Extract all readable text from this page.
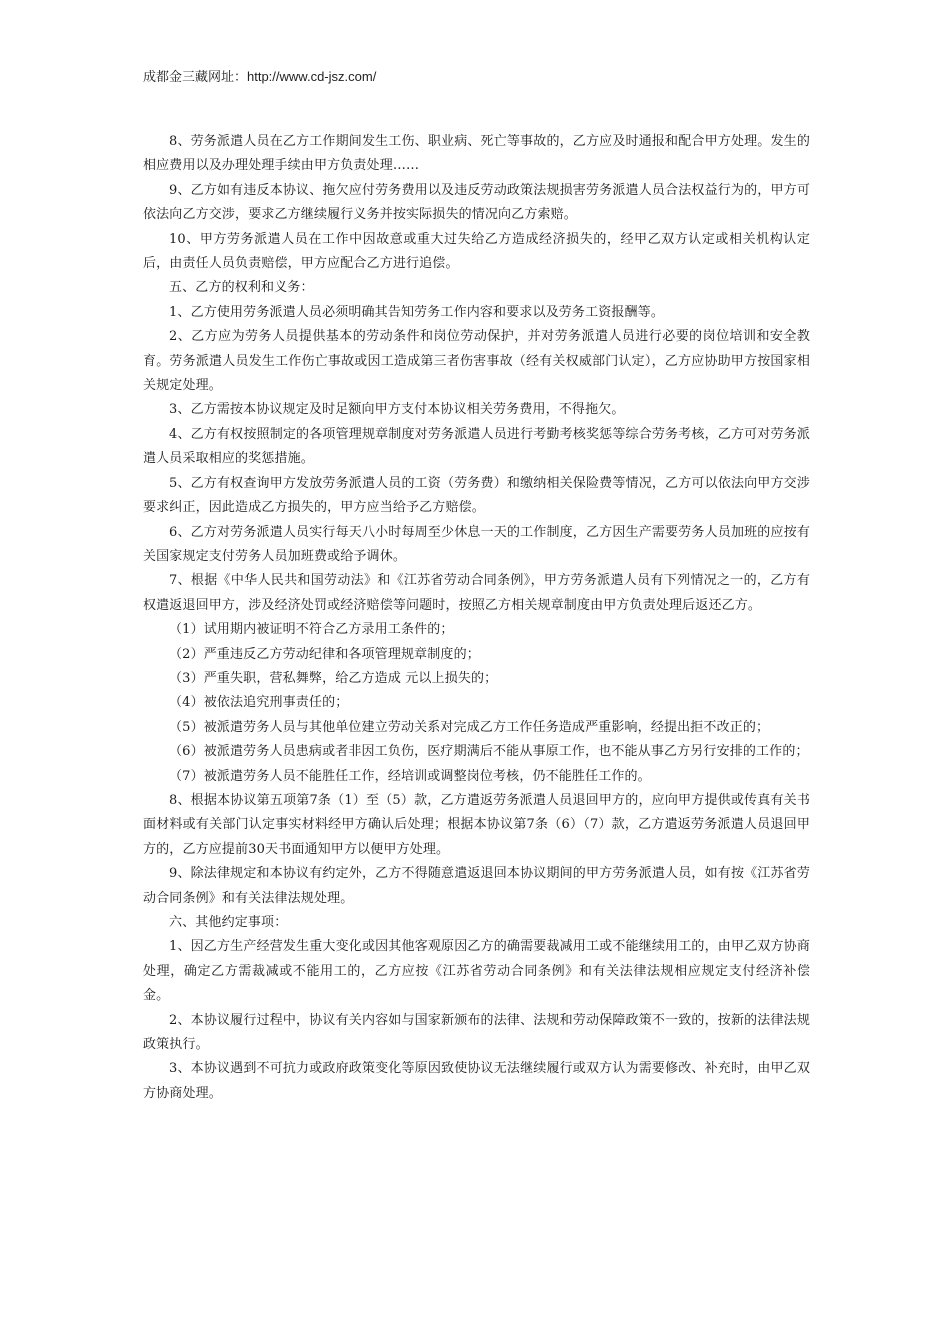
成都金三藏网址：http://www.cd-jsz.com/

8、劳务派遣人员在乙方工作期间发生工伤、职业病、死亡等事故的，乙方应及时通报和配合甲方处理。发生的相应费用以及办理处理手续由甲方负责处理……

9、乙方如有违反本协议、拖欠应付劳务费用以及违反劳动政策法规损害劳务派遣人员合法权益行为的，甲方可依法向乙方交涉，要求乙方继续履行义务并按实际损失的情况向乙方索赔。

10、甲方劳务派遣人员在工作中因故意或重大过失给乙方造成经济损失的，经甲乙双方认定或相关机构认定后，由责任人员负责赔偿，甲方应配合乙方进行追偿。

五、乙方的权利和义务：

1、乙方使用劳务派遣人员必须明确其告知劳务工作内容和要求以及劳务工资报酬等。

2、乙方应为劳务人员提供基本的劳动条件和岗位劳动保护，并对劳务派遣人员进行必要的岗位培训和安全教育。劳务派遣人员发生工作伤亡事故或因工造成第三者伤害事故（经有关权威部门认定），乙方应协助甲方按国家相关规定处理。

3、乙方需按本协议规定及时足额向甲方支付本协议相关劳务费用，不得拖欠。

4、乙方有权按照制定的各项管理规章制度对劳务派遣人员进行考勤考核奖惩等综合劳务考核，乙方可对劳务派遣人员采取相应的奖惩措施。

5、乙方有权查询甲方发放劳务派遣人员的工资（劳务费）和缴纳相关保险费等情况，乙方可以依法向甲方交涉要求纠正，因此造成乙方损失的，甲方应当给予乙方赔偿。

6、乙方对劳务派遣人员实行每天八小时每周至少休息一天的工作制度，乙方因生产需要劳务人员加班的应按有关国家规定支付劳务人员加班费或给予调休。

7、根据《中华人民共和国劳动法》和《江苏省劳动合同条例》，甲方劳务派遣人员有下列情况之一的，乙方有权遣返退回甲方，涉及经济处罚或经济赔偿等问题时，按照乙方相关规章制度由甲方负责处理后返还乙方。

（1）试用期内被证明不符合乙方录用工条件的；

（2）严重违反乙方劳动纪律和各项管理规章制度的；

（3）严重失职，营私舞弊，给乙方造成 元以上损失的；

（4）被依法追究刑事责任的；

（5）被派遣劳务人员与其他单位建立劳动关系对完成乙方工作任务造成严重影响，经提出拒不改正的；

（6）被派遣劳务人员患病或者非因工负伤，医疗期满后不能从事原工作，也不能从事乙方另行安排的工作的；

（7）被派遣劳务人员不能胜任工作，经培训或调整岗位考核，仍不能胜任工作的。

8、根据本协议第五项第7条（1）至（5）款，乙方遣返劳务派遣人员退回甲方的，应向甲方提供或传真有关书面材料或有关部门认定事实材料经甲方确认后处理；根据本协议第7条（6）（7）款，乙方遣返劳务派遣人员退回甲方的，乙方应提前30天书面通知甲方以便甲方处理。

9、除法律规定和本协议有约定外，乙方不得随意遣返退回本协议期间的甲方劳务派遣人员，如有按《江苏省劳动合同条例》和有关法律法规处理。

六、其他约定事项：

1、因乙方生产经营发生重大变化或因其他客观原因乙方的确需要裁减用工或不能继续用工的，由甲乙双方协商处理，确定乙方需裁减或不能用工的，乙方应按《江苏省劳动合同条例》和有关法律法规相应规定支付经济补偿金。

2、本协议履行过程中，协议有关内容如与国家新颁布的法律、法规和劳动保障政策不一致的，按新的法律法规政策执行。

3、本协议遇到不可抗力或政府政策变化等原因致使协议无法继续履行或双方认为需要修改、补充时，由甲乙双方协商处理。
